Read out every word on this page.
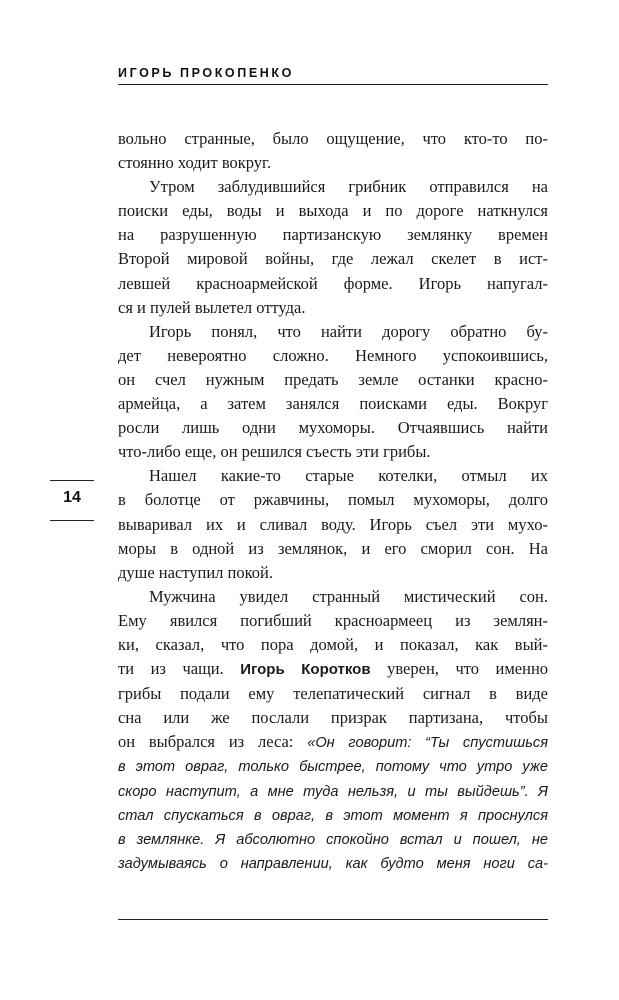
ИГОРЬ ПРОКОПЕНКО
14

вольно странные, было ощущение, что кто-то по-
стоянно ходит вокруг.

Утром заблудившийся грибник отправился на
поиски еды, воды и выхода и по дороге наткнулся
на разрушенную партизанскую землянку времен
Второй мировой войны, где лежал скелет в ист-
левшей красноармейской форме. Игорь напугал-
ся и пулей вылетел оттуда.

Игорь понял, что найти дорогу обратно бу-
дет невероятно сложно. Немного успокоившись,
он счел нужным предать земле останки красно-
армейца, а затем занялся поисками еды. Вокруг
росли лишь одни мухоморы. Отчаявшись найти
что-либо еще, он решился съесть эти грибы.

Нашел какие-то старые котелки, отмыл их
в болотце от ржавчины, помыл мухоморы, долго
вываривал их и сливал воду. Игорь съел эти мухо-
моры в одной из землянок, и его сморил сон. На
душе наступил покой.

Мужчина увидел странный мистический сон.
Ему явился погибший красноармеец из землян-
ки, сказал, что пора домой, и показал, как вый-
ти из чащи. Игорь Коротков уверен, что именно
грибы подали ему телепатический сигнал в виде
сна или же послали призрак партизана, чтобы
он выбрался из леса: «Он говорит: “Ты спустишься
в этот овраг, только быстрее, потому что утро уже
скоро наступит, а мне туда нельзя, и ты выйдешь”. Я
стал спускаться в овраг, в этот момент я проснулся
в землянке. Я абсолютно спокойно встал и пошел, не
задумываясь о направлении, как будто меня ноги са-
